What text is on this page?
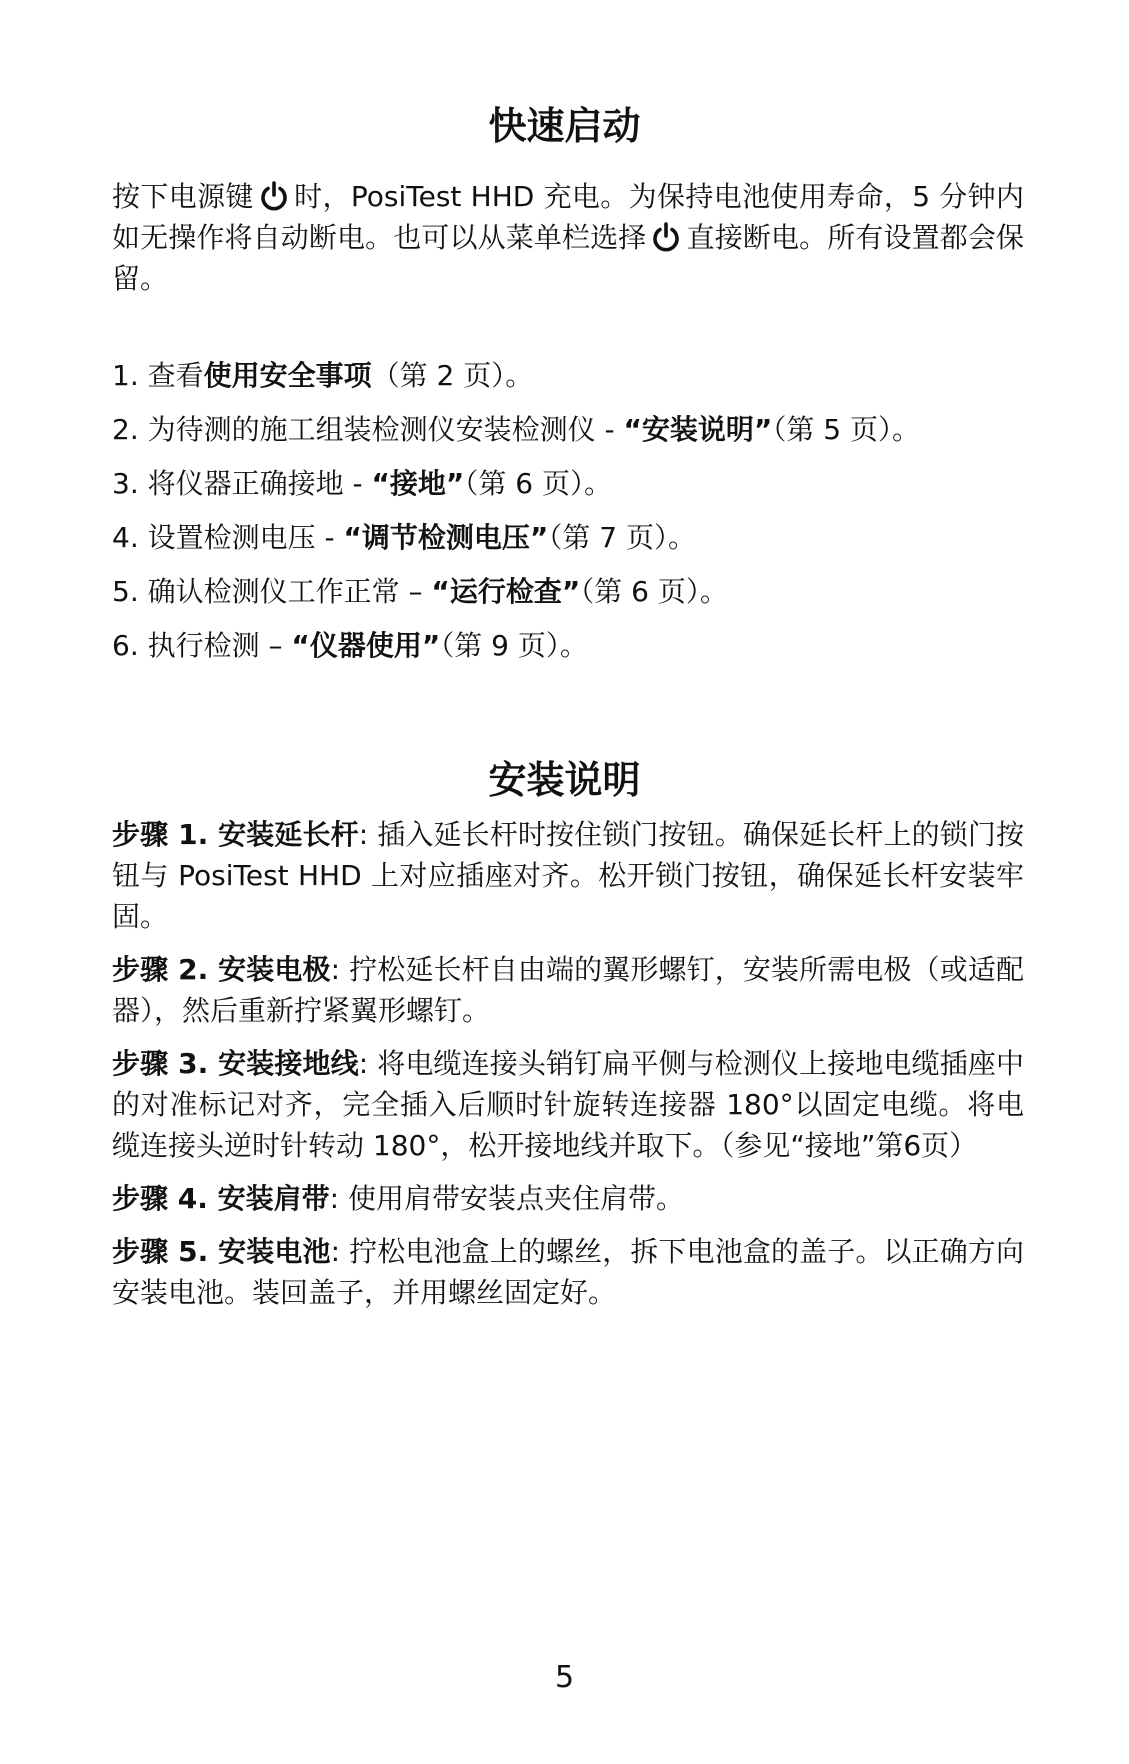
快速启动

按下电源键 时，PosiTest HHD 充电。为保持电池使用寿命，5 分钟内如无操作将自动断电。也可以从菜单栏选择 直接断电。所有设置都会保留。

1. 查看使用安全事项（第 2 页）。
2. 为待测的施工组装检测仪安装检测仪 - “安装说明”（第 5 页）。
3. 将仪器正确接地 - “接地”（第 6 页）。
4. 设置检测电压 - “调节检测电压”（第 7 页）。
5. 确认检测仪工作正常 – “运行检查”（第 6 页）。
6. 执行检测 – “仪器使用”（第 9 页）。
安装说明

步骤 1. 安装延长杆: 插入延长杆时按住锁门按钮。确保延长杆上的锁门按钮与 PosiTest HHD 上对应插座对齐。松开锁门按钮，确保延长杆安装牢固。

步骤 2. 安装电极: 拧松延长杆自由端的翼形螺钉，安装所需电极（或适配器），然后重新拧紧翼形螺钉。

步骤 3. 安装接地线: 将电缆连接头销钉扁平侧与检测仪上接地电缆插座中的对准标记对齐，完全插入后顺时针旋转连接器 180°以固定电缆。将电缆连接头逆时针转动 180°，松开接地线并取下。（参见“接地”第6页）

步骤 4. 安装肩带: 使用肩带安装点夹住肩带。

步骤 5. 安装电池: 拧松电池盒上的螺丝，拆下电池盒的盖子。以正确方向安装电池。装回盖子，并用螺丝固定好。

5
